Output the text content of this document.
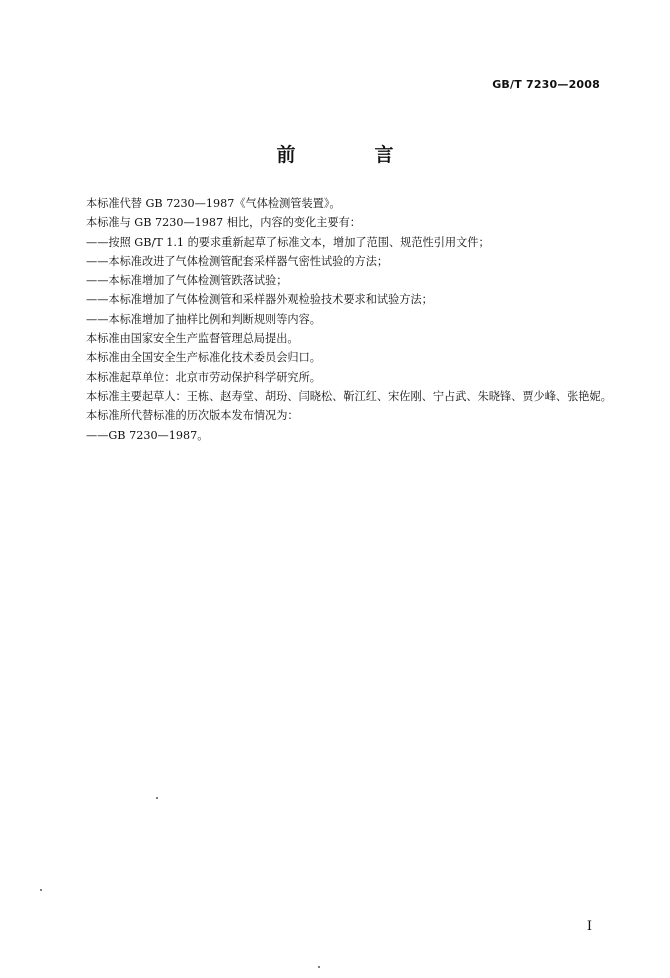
GB/T 7230—2008
前　言

本标准代替 GB 7230—1987《气体检测管装置》。

本标准与 GB 7230—1987 相比，内容的变化主要有：

——按照 GB/T 1.1 的要求重新起草了标准文本，增加了范围、规范性引用文件；

——本标准改进了气体检测管配套采样器气密性试验的方法；

——本标准增加了气体检测管跌落试验；

——本标准增加了气体检测管和采样器外观检验技术要求和试验方法；

——本标准增加了抽样比例和判断规则等内容。

本标准由国家安全生产监督管理总局提出。

本标准由全国安全生产标准化技术委员会归口。

本标准起草单位：北京市劳动保护科学研究所。

本标准主要起草人：王栋、赵寿堂、胡玢、闫晓松、靳江红、宋佐刚、宁占武、朱晓锋、贾少峰、张艳妮。

本标准所代替标准的历次版本发布情况为：

——GB 7230—1987。

I
